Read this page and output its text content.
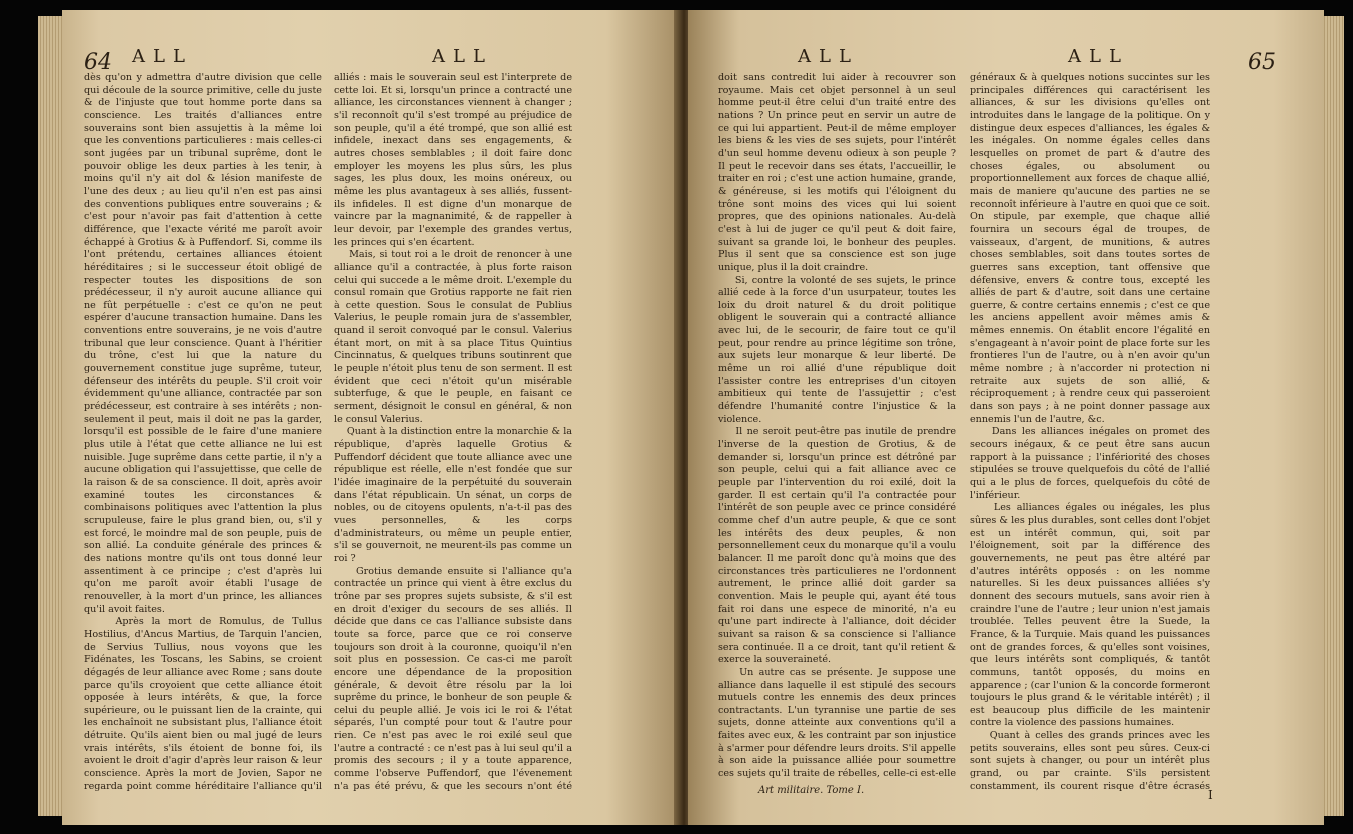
64 ALL	ALL
dès qu'on y admettra d'autre division que celle qui découle de la source primitive, celle du juste & de l'injuste que tout homme porte dans sa conscience. Les traités d'alliances entre souverains sont bien assujettis à la même loi que les conventions particulieres : mais celles-ci sont jugées par un tribunal suprême, dont le pouvoir oblige les deux parties à les tenir, à moins qu'il n'y ait dol & lésion manifeste de l'une des deux ; au lieu qu'il n'en est pas ainsi des conventions publiques entre souverains ; & c'est pour n'avoir pas fait d'attention à cette différence, que l'exacte vérité me paroît avoir échappé à Grotius & à Puffendorf. Si, comme ils l'ont prétendu, certaines alliances étoient héréditaires ; si le successeur étoit obligé de respecter toutes les dispositions de son prédécesseur, il n'y auroit aucune alliance qui ne fût perpétuelle : c'est ce qu'on ne peut espérer d'aucune transaction humaine. Dans les conventions entre souverains, je ne vois d'autre tribunal que leur conscience. Quant à l'héritier du trône, c'est lui que la nature du gouvernement constitue juge suprême, tuteur, défenseur des intérêts du peuple. S'il croit voir évidemment qu'une alliance, contractée par son prédécesseur, est contraire à ses intérêts ; non-seulement il peut, mais il doit ne pas la garder, lorsqu'il est possible de le faire d'une maniere plus utile à l'état que cette alliance ne lui est nuisible. Juge suprême dans cette partie, il n'y a aucune obligation qui l'assujettisse, que celle de la raison & de sa conscience. Il doit, après avoir examiné toutes les circonstances & combinaisons politiques avec l'attention la plus scrupuleuse, faire le plus grand bien, ou, s'il y est forcé, le moindre mal de son peuple, puis de son allié. La conduite générale des princes & des nations montre qu'ils ont tous donné leur assentiment à ce principe ; c'est d'après lui qu'on me paroît avoir établi l'usage de renouveller, à la mort d'un prince, les alliances qu'il avoit faites.
Après la mort de Romulus, de Tullus Hostilius, d'Ancus Martius, de Tarquin l'ancien, de Servius Tullius, nous voyons que les Fidénates, les Toscans, les Sabins, se croient dégagés de leur alliance avec Rome ; sans doute parce qu'ils croyoient que cette alliance étoit opposée à leurs intérêts, & que, la force supérieure, ou le puissant lien de la crainte, qui les enchaînoit ne subsistant plus, l'alliance étoit détruite. Qu'ils aient bien ou mal jugé de leurs vrais intérêts, s'ils étoient de bonne foi, ils avoient le droit d'agir d'après leur raison & leur conscience. Après la mort de Jovien, Sapor ne regarda point comme héréditaire l'alliance qu'il
alliés : mais le souverain seul est l'interprete de cette loi. Et si, lorsqu'un prince a contracté une alliance, les circonstances viennent à changer ; s'il reconnoît qu'il s'est trompé au préjudice de son peuple, qu'il a été trompé, que son allié est infidele, inexact dans ses engagements, & autres choses semblables ; il doit faire donc employer les moyens les plus sûrs, les plus sages, les plus doux, les moins onéreux, ou même les plus avantageux à ses alliés, fussent-ils infideles. Il est digne d'un monarque de vaincre par la magnanimité, & de rappeller à leur devoir, par l'exemple des grandes vertus, les princes qui s'en écartent.
Mais, si tout roi a le droit de renoncer à une alliance qu'il a contractée, à plus forte raison celui qui succede a le même droit. L'exemple du consul romain que Grotius rapporte ne fait rien à cette question. Sous le consulat de Publius Valerius, le peuple romain jura de s'assembler, quand il seroit convoqué par le consul. Valerius étant mort, on mit à sa place Titus Quintius Cincinnatus, & quelques tribuns soutinrent que le peuple n'étoit plus tenu de son serment. Il est évident que ceci n'étoit qu'un misérable subterfuge, & que le peuple, en faisant ce serment, désignoit le consul en général, & non le consul Valerius.
Quant à la distinction entre la monarchie & la république, d'après laquelle Grotius & Puffendorf décident que toute alliance avec une république est réelle, elle n'est fondée que sur l'idée imaginaire de la perpétuité du souverain dans l'état républicain. Un sénat, un corps de nobles, ou de citoyens opulents, n'a-t-il pas des vues personnelles, & les corps d'administrateurs, ou même un peuple entier, s'il se gouvernoit, ne meurent-ils pas comme un roi ?
Grotius demande ensuite si l'alliance qu'a contractée un prince qui vient à être exclus du trône par ses propres sujets subsiste, & s'il est en droit d'exiger du secours de ses alliés. Il décide que dans ce cas l'alliance subsiste dans toute sa force, parce que ce roi conserve toujours son droit à la couronne, quoiqu'il n'en soit plus en possession. Ce cas-ci me paroît encore une dépendance de la proposition générale, & devoit être résolu par la loi suprême du prince, le bonheur de son peuple & celui du peuple allié. Je vois ici le roi & l'état séparés, l'un compté pour tout & l'autre pour rien. Ce n'est pas avec le roi exilé seul que l'autre a contracté : ce n'est pas à lui seul qu'il a promis des secours ; il y a toute apparence, comme l'observe Puffendorf, que l'évenement n'a pas été prévu, & que les secours n'ont été
ALL	ALL	65
doit sans contredit lui aider à recouvrer son royaume. Mais cet objet personnel à un seul homme peut-il être celui d'un traité entre des nations ? Un prince peut en servir un autre de ce qui lui appartient. Peut-il de même employer les biens & les vies de ses sujets, pour l'intérêt d'un seul homme devenu odieux à son peuple ? Il peut le recevoir dans ses états, l'accueillir, le traiter en roi ; c'est une action humaine, grande, & généreuse, si les motifs qui l'éloignent du trône sont moins des vices qui lui soient propres, que des opinions nationales. Au-delà c'est à lui de juger ce qu'il peut & doit faire, suivant sa grande loi, le bonheur des peuples. Plus il sent que sa conscience est son juge unique, plus il la doit craindre.
Si, contre la volonté de ses sujets, le prince allié cede à la force d'un usurpateur, toutes les loix du droit naturel & du droit politique obligent le souverain qui a contracté alliance avec lui, de le secourir, de faire tout ce qu'il peut, pour rendre au prince légitime son trône, aux sujets leur monarque & leur liberté. De même un roi allié d'une république doit l'assister contre les entreprises d'un citoyen ambitieux qui tente de l'assujettir ; c'est défendre l'humanité contre l'injustice & la violence.
Il ne seroit peut-être pas inutile de prendre l'inverse de la question de Grotius, & de demander si, lorsqu'un prince est détrôné par son peuple, celui qui a fait alliance avec ce peuple par l'intervention du roi exilé, doit la garder. Il est certain qu'il l'a contractée pour l'intérêt de son peuple avec ce prince considéré comme chef d'un autre peuple, & que ce sont les intérêts des deux peuples, & non personnellement ceux du monarque qu'il a voulu balancer. Il me paroît donc qu'à moins que des circonstances très particulieres ne l'ordonnent autrement, le prince allié doit garder sa convention. Mais le peuple qui, ayant été tous fait roi dans une espece de minorité, n'a eu qu'une part indirecte à l'alliance, doit décider suivant sa raison & sa conscience si l'alliance sera continuée. Il a ce droit, tant qu'il retient & exerce la souveraineté.
Un autre cas se présente. Je suppose une alliance dans laquelle il est stipulé des secours mutuels contre les ennemis des deux princes contractants. L'un tyrannise une partie de ses sujets, donne atteinte aux conventions qu'il a faites avec eux, & les contraint par son injustice à s'armer pour défendre leurs droits. S'il appelle à son aide la puissance alliée pour soumettre ces sujets qu'il traite de rébelles, celle-ci est-elle

généraux & à quelques notions succintes sur les principales différences qui caractérisent les alliances, & sur les divisions qu'elles ont introduites dans le langage de la politique. On y distingue deux especes d'alliances, les égales & les inégales. On nomme égales celles dans lesquelles on promet de part & d'autre des choses égales, ou absolument ou proportionnellement aux forces de chaque allié, mais de maniere qu'aucune des parties ne se reconnoît inférieure à l'autre en quoi que ce soit. On stipule, par exemple, que chaque allié fournira un secours égal de troupes, de vaisseaux, d'argent, de munitions, & autres choses semblables, soit dans toutes sortes de guerres sans exception, tant offensive que défensive, envers & contre tous, excepté les alliés de part & d'autre, soit dans une certaine guerre, & contre certains ennemis ; c'est ce que les anciens appellent avoir mêmes amis & mêmes ennemis. On établit encore l'égalité en s'engageant à n'avoir point de place forte sur les frontieres l'un de l'autre, ou à n'en avoir qu'un même nombre ; à n'accorder ni protection ni retraite aux sujets de son allié, & réciproquement ; à rendre ceux qui passeroient dans son pays ; à ne point donner passage aux ennemis l'un de l'autre, &c.
Dans les alliances inégales on promet des secours inégaux, & ce peut être sans aucun rapport à la puissance ; l'infériorité des choses stipulées se trouve quelquefois du côté de l'allié qui a le plus de forces, quelquefois du côté de l'inférieur.
Les alliances égales ou inégales, les plus sûres & les plus durables, sont celles dont l'objet est un intérêt commun, qui, soit par l'éloignement, soit par la différence des gouvernements, ne peut pas être altéré par d'autres intérêts opposés : on les nomme naturelles. Si les deux puissances alliées s'y donnent des secours mutuels, sans avoir rien à craindre l'une de l'autre ; leur union n'est jamais troublée. Telles peuvent être la Suede, la France, & la Turquie. Mais quand les puissances ont de grandes forces, & qu'elles sont voisines, que leurs intérêts sont compliqués, & tantôt communs, tantôt opposés, du moins en apparence ; (car l'union & la concorde formeront toujours le plus grand & le véritable intérêt) ; il est beaucoup plus difficile de les maintenir contre la violence des passions humaines.
Quant à celles des grands princes avec les petits souverains, elles sont peu sûres. Ceux-ci sont sujets à changer, ou pour un intérêt plus grand, ou par crainte. S'ils persistent constamment, ils courent risque d'être écrasés

Art militaire. Tome I.	I
